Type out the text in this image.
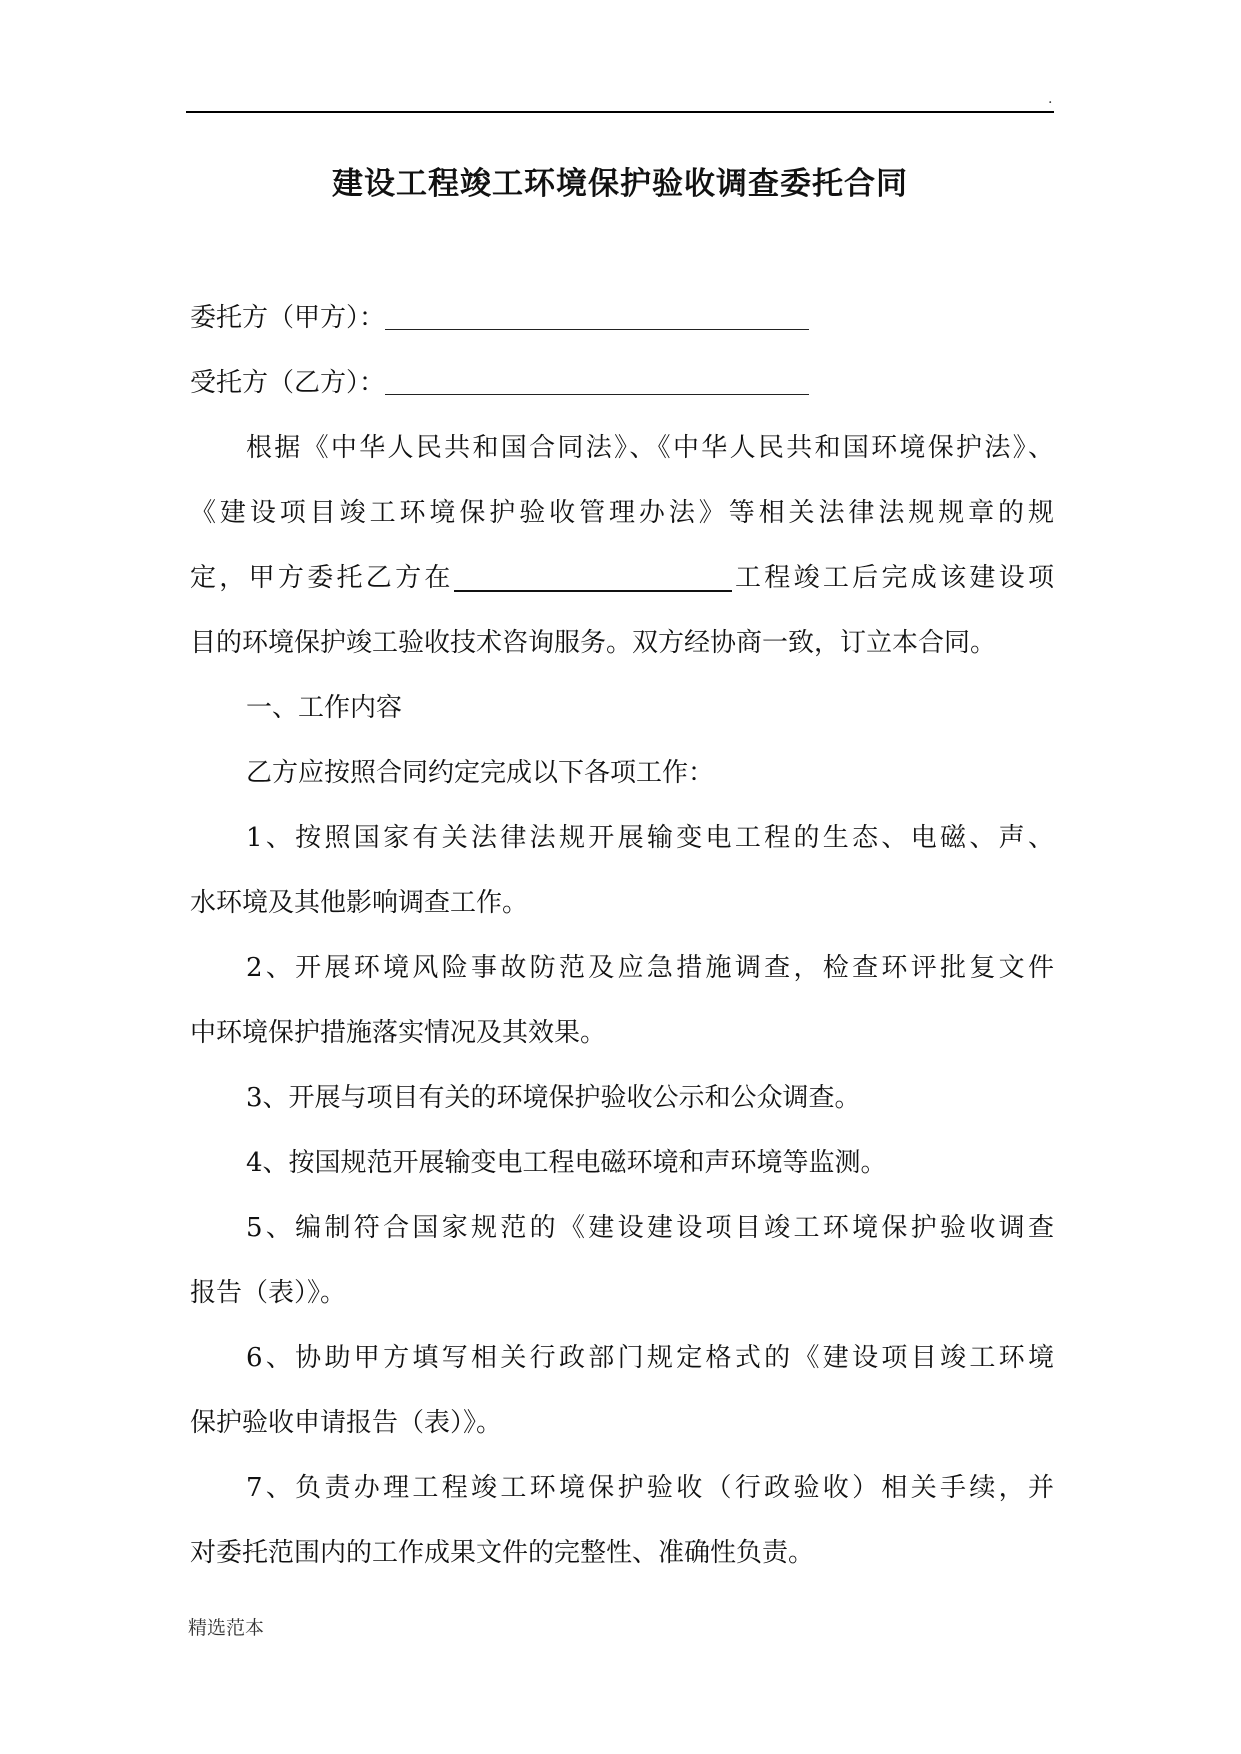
.
建设工程竣工环境保护验收调查委托合同
委托方（甲方）：
受托方（乙方）：
根据《中华人民共和国合同法》、《中华人民共和国环境保护法》、
《建设项目竣工环境保护验收管理办法》等相关法律法规规章的规
定，甲方委托乙方在	工程竣工后完成该建设项
目的环境保护竣工验收技术咨询服务。双方经协商一致，订立本合同。
一、工作内容
乙方应按照合同约定完成以下各项工作：
1、按照国家有关法律法规开展输变电工程的生态、电磁、声、
水环境及其他影响调查工作。
2、开展环境风险事故防范及应急措施调查，检查环评批复文件
中环境保护措施落实情况及其效果。
3、开展与项目有关的环境保护验收公示和公众调查。
4、按国规范开展输变电工程电磁环境和声环境等监测。
5、编制符合国家规范的《建设建设项目竣工环境保护验收调查
报告（表）》。
6、协助甲方填写相关行政部门规定格式的《建设项目竣工环境
保护验收申请报告（表）》。
7、负责办理工程竣工环境保护验收（行政验收）相关手续，并
对委托范围内的工作成果文件的完整性、准确性负责。
精选范本
